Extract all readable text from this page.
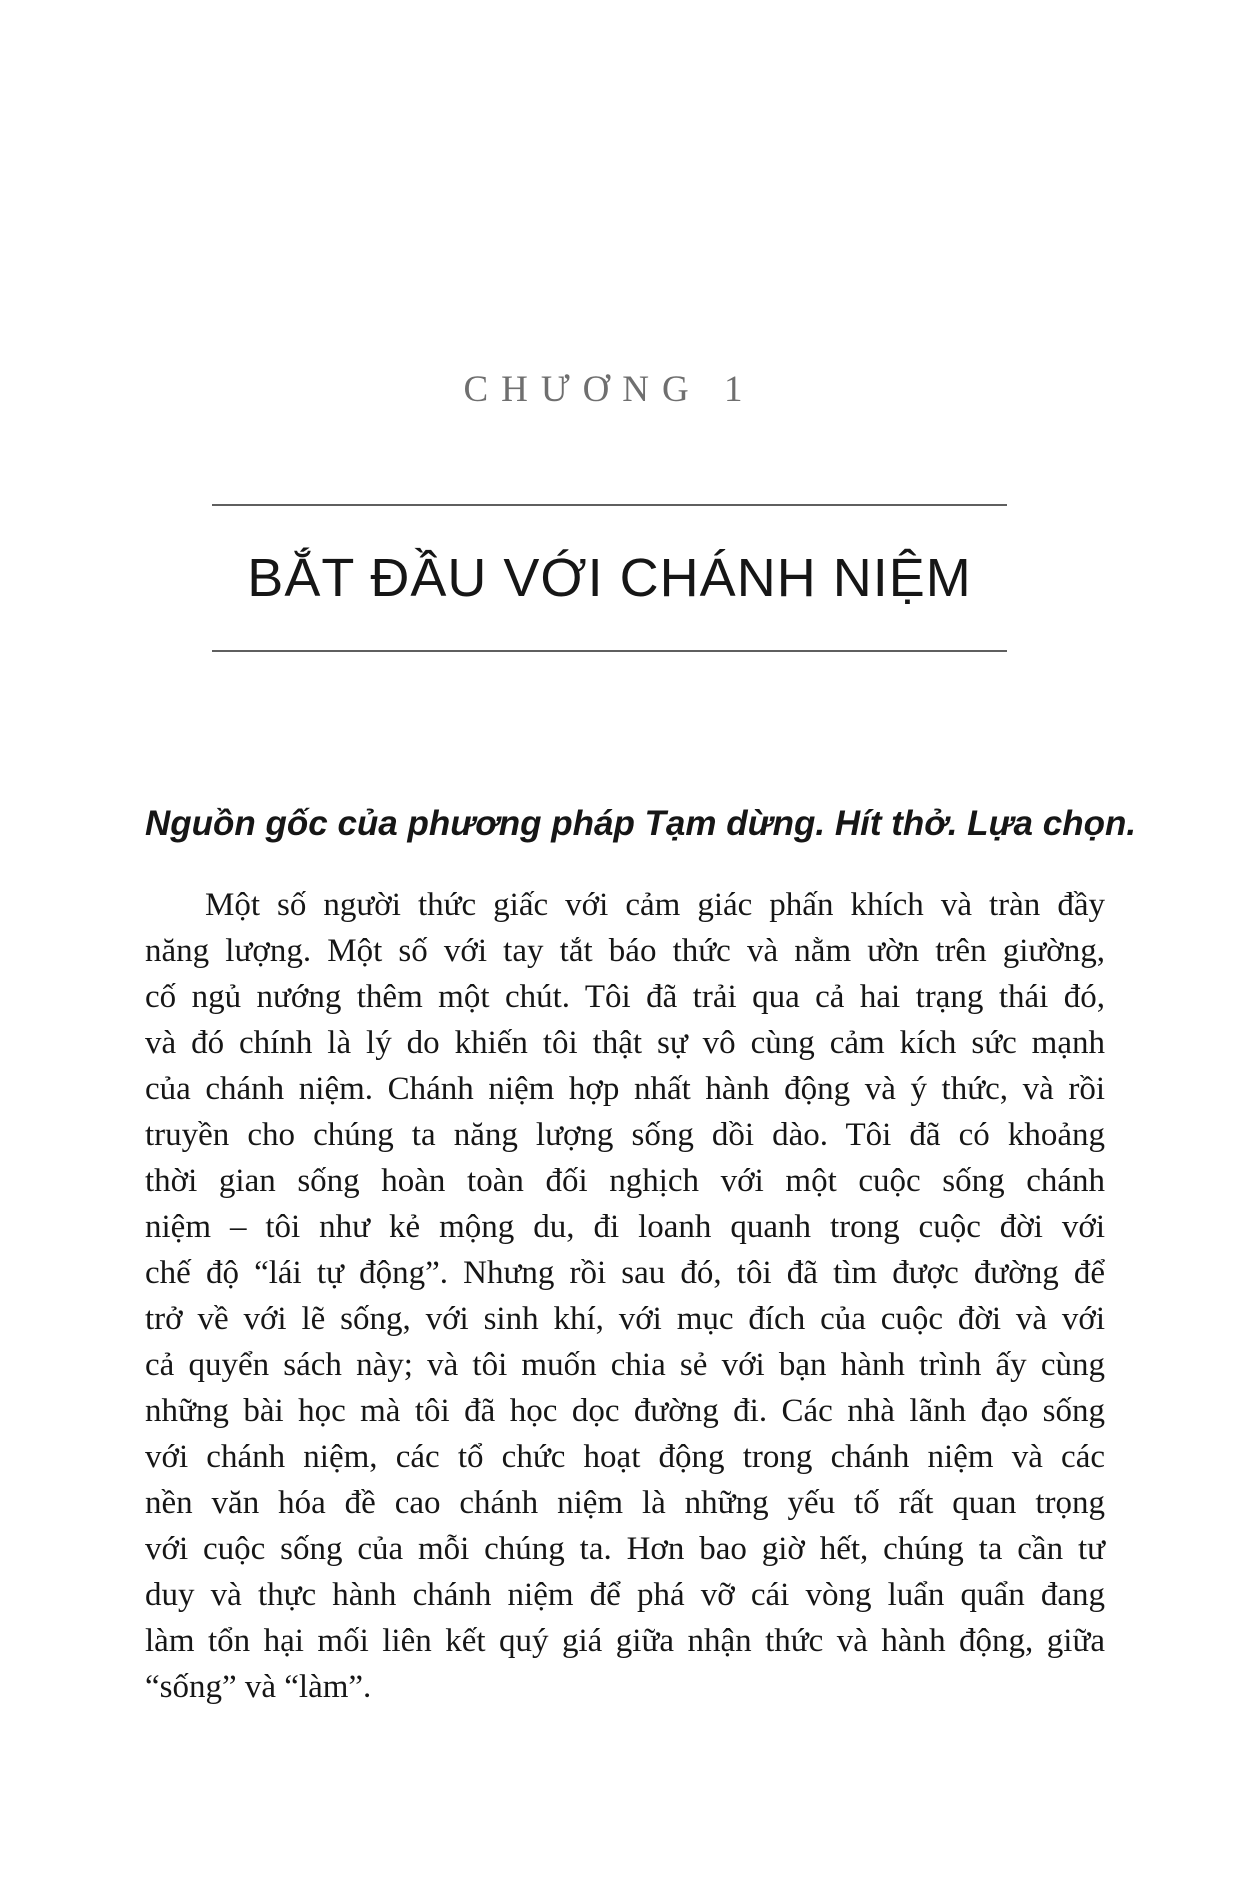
CHƯƠNG 1
BẮT ĐẦU VỚI CHÁNH NIỆM
Nguồn gốc của phương pháp Tạm dừng. Hít thở. Lựa chọn.
Một số người thức giấc với cảm giác phấn khích và tràn đầy
năng lượng. Một số với tay tắt báo thức và nằm ườn trên giường,
cố ngủ nướng thêm một chút. Tôi đã trải qua cả hai trạng thái đó,
và đó chính là lý do khiến tôi thật sự vô cùng cảm kích sức mạnh
của chánh niệm. Chánh niệm hợp nhất hành động và ý thức, và rồi
truyền cho chúng ta năng lượng sống dồi dào. Tôi đã có khoảng
thời gian sống hoàn toàn đối nghịch với một cuộc sống chánh
niệm – tôi như kẻ mộng du, đi loanh quanh trong cuộc đời với
chế độ “lái tự động”. Nhưng rồi sau đó, tôi đã tìm được đường để
trở về với lẽ sống, với sinh khí, với mục đích của cuộc đời và với
cả quyển sách này; và tôi muốn chia sẻ với bạn hành trình ấy cùng
những bài học mà tôi đã học dọc đường đi. Các nhà lãnh đạo sống
với chánh niệm, các tổ chức hoạt động trong chánh niệm và các
nền văn hóa đề cao chánh niệm là những yếu tố rất quan trọng
với cuộc sống của mỗi chúng ta. Hơn bao giờ hết, chúng ta cần tư
duy và thực hành chánh niệm để phá vỡ cái vòng luẩn quẩn đang
làm tổn hại mối liên kết quý giá giữa nhận thức và hành động, giữa
“sống” và “làm”.
